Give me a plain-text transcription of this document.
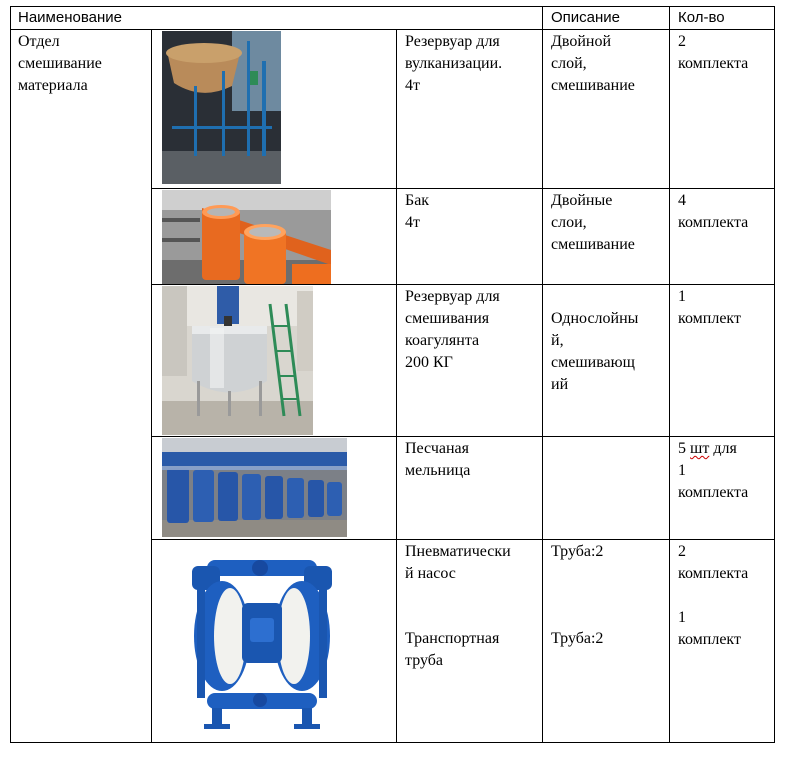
Наименование	Описание	Кол-во
Отдел
смешивание
материала
Резервуар для
вулканизации.
4т
Двойной
слой,
смешивание
2
комплекта
Бак
4т
Двойные
слои,
смешивание
4
комплекта
Резервуар для
смешивания
коагулянта
200 КГ
Однослойны
й,
смешивающ
ий
1
комплект
Песчаная
мельница
5 шт для
1
комплекта
Пневматически
й насос
Транспортная
труба
Труба:2
Труба:2
2
комплекта

1
комплект
